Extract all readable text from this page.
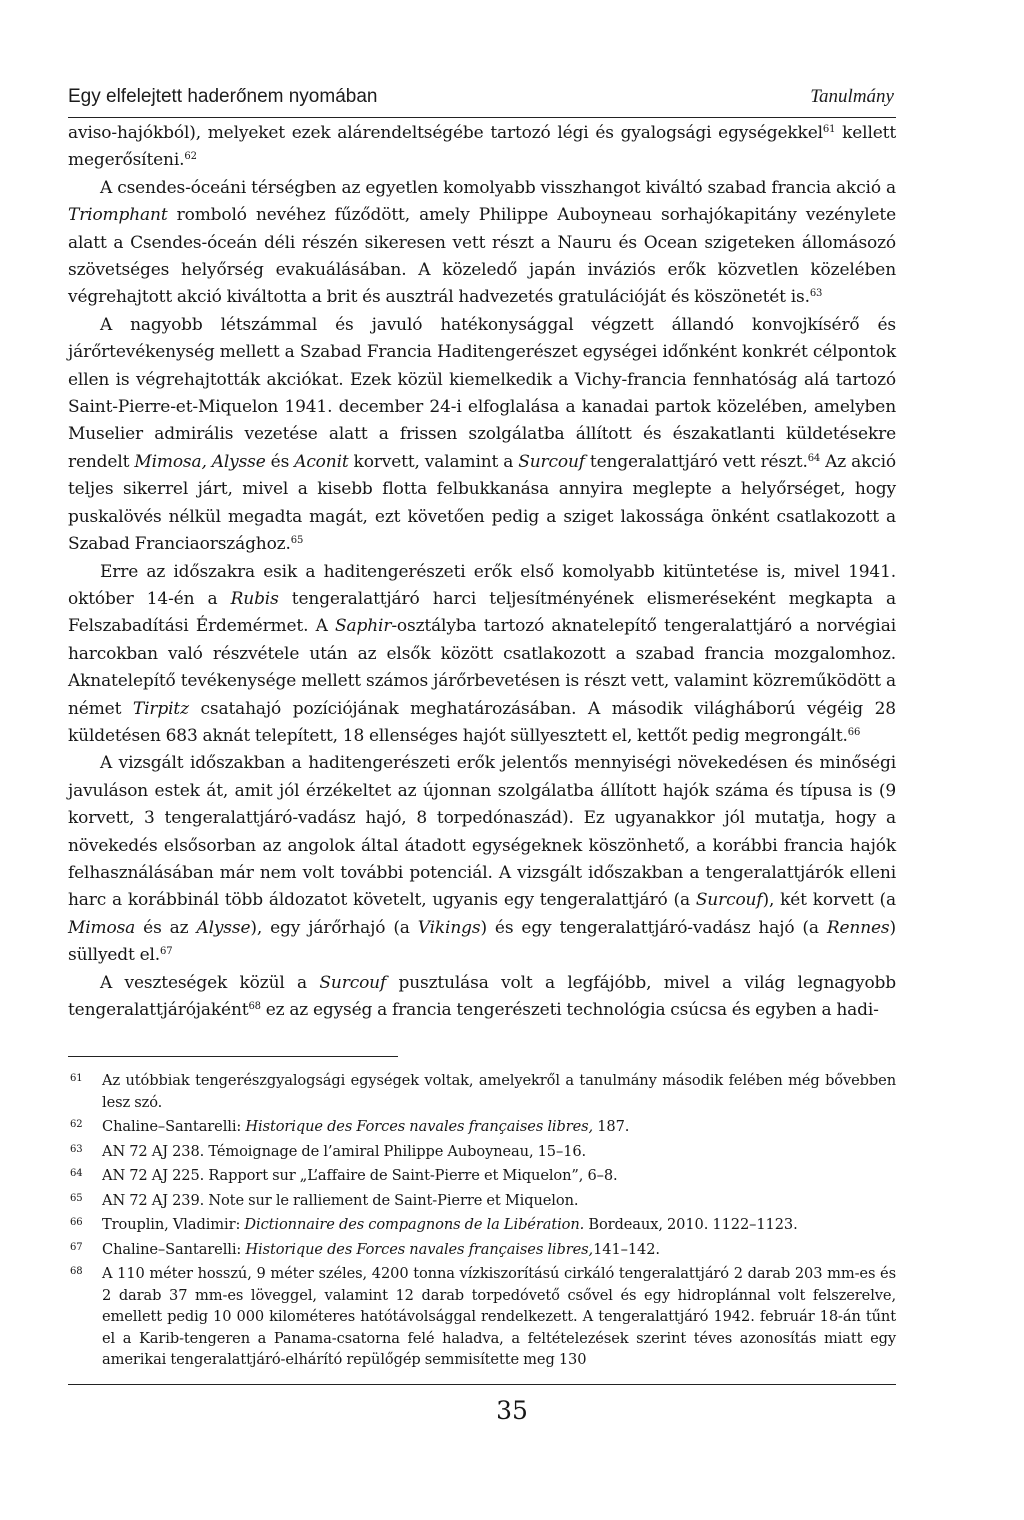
Egy elfelejtett haderőnem nyomában	Tanulmány

aviso-hajókból), melyeket ezek alárendeltségébe tartozó légi és gyalogsági egységekkel$^{61}$ kellett megerősíteni.$^{62}$

A csendes-óceáni térségben az egyetlen komolyabb visszhangot kiváltó szabad francia akció a Triomphant romboló nevéhez fűződött, amely Philippe Auboyneau sorhajókapitány vezénylete alatt a Csendes-óceán déli részén sikeresen vett részt a Nauru és Ocean szigeteken állomásozó szövetséges helyőrség evakuálásában. A közeledő japán inváziós erők közvetlen közelében végrehajtott akció kiváltotta a brit és ausztrál hadvezetés gratulációját és köszönetét is.$^{63}$

A nagyobb létszámmal és javuló hatékonysággal végzett állandó konvojkísérő és járőrtevékenység mellett a Szabad Francia Haditengerészet egységei időnként konkrét célpontok ellen is végrehajtották akciókat. Ezek közül kiemelkedik a Vichy-francia fennhatóság alá tartozó Saint-Pierre-et-Miquelon 1941. december 24-i elfoglalása a kanadai partok közelében, amelyben Muselier admirális vezetése alatt a frissen szolgálatba állított és északatlanti küldetésekre rendelt Mimosa, Alysse és Aconit korvett, valamint a Surcouf tengeralattjáró vett részt.$^{64}$ Az akció teljes sikerrel járt, mivel a kisebb flotta felbukkanása annyira meglepte a helyőrséget, hogy puskalövés nélkül megadta magát, ezt követően pedig a sziget lakossága önként csatlakozott a Szabad Franciaországhoz.$^{65}$

Erre az időszakra esik a haditengerészeti erők első komolyabb kitüntetése is, mivel 1941. október 14-én a Rubis tengeralattjáró harci teljesítményének elismeréseként megkapta a Felszabadítási Érdemérmet. A Saphir-osztályba tartozó aknatelepítő tengeralattjáró a norvégiai harcokban való részvétele után az elsők között csatlakozott a szabad francia mozgalomhoz. Aknatelepítő tevékenysége mellett számos járőrbevetésen is részt vett, valamint közreműködött a német Tirpitz csatahajó pozíciójának meghatározásában. A második világháború végéig 28 küldetésen 683 aknát telepített, 18 ellenséges hajót süllyesztett el, kettőt pedig megrongált.$^{66}$

A vizsgált időszakban a haditengerészeti erők jelentős mennyiségi növekedésen és minőségi javuláson estek át, amit jól érzékeltet az újonnan szolgálatba állított hajók száma és típusa is (9 korvett, 3 tengeralattjáró-vadász hajó, 8 torpedónaszád). Ez ugyanakkor jól mutatja, hogy a növekedés elsősorban az angolok által átadott egységeknek köszönhető, a korábbi francia hajók felhasználásában már nem volt további potenciál. A vizsgált időszakban a tengeralattjárók elleni harc a korábbinál több áldozatot követelt, ugyanis egy tengeralattjáró (a Surcouf), két korvett (a Mimosa és az Alysse), egy járőrhajó (a Vikings) és egy tengeralattjáró-vadász hajó (a Rennes) süllyedt el.$^{67}$

A veszteségek közül a Surcouf pusztulása volt a legfájóbb, mivel a világ legnagyobb tengeralattjárójaként$^{68}$ ez az egység a francia tengerészeti technológia csúcsa és egyben a hadi-

61	Az utóbbiak tengerészgyalogsági egységek voltak, amelyekről a tanulmány második felében még bővebben lesz szó.
62	Chaline–Santarelli: Historique des Forces navales françaises libres, 187.
63	AN 72 AJ 238. Témoignage de l’amiral Philippe Auboyneau, 15–16.
64	AN 72 AJ 225. Rapport sur „L’affaire de Saint-Pierre et Miquelon”, 6–8.
65	AN 72 AJ 239. Note sur le ralliement de Saint-Pierre et Miquelon.
66	Trouplin, Vladimir: Dictionnaire des compagnons de la Libération. Bordeaux, 2010. 1122–1123.
67	Chaline–Santarelli: Historique des Forces navales françaises libres,141–142.
68	A 110 méter hosszú, 9 méter széles, 4200 tonna vízkiszorítású cirkáló tengeralattjáró 2 darab 203 mm-es és 2 darab 37 mm-es löveggel, valamint 12 darab torpedóvető csővel és egy hidroplánnal volt felszerelve, emellett pedig 10 000 kilométeres hatótávolsággal rendelkezett. A tengeralattjáró 1942. február 18-án tűnt el a Karib-tengeren a Panama-csatorna felé haladva, a feltételezések szerint téves azonosítás miatt egy amerikai tengeralattjáró-elhárító repülőgép semmisítette meg 130
35
